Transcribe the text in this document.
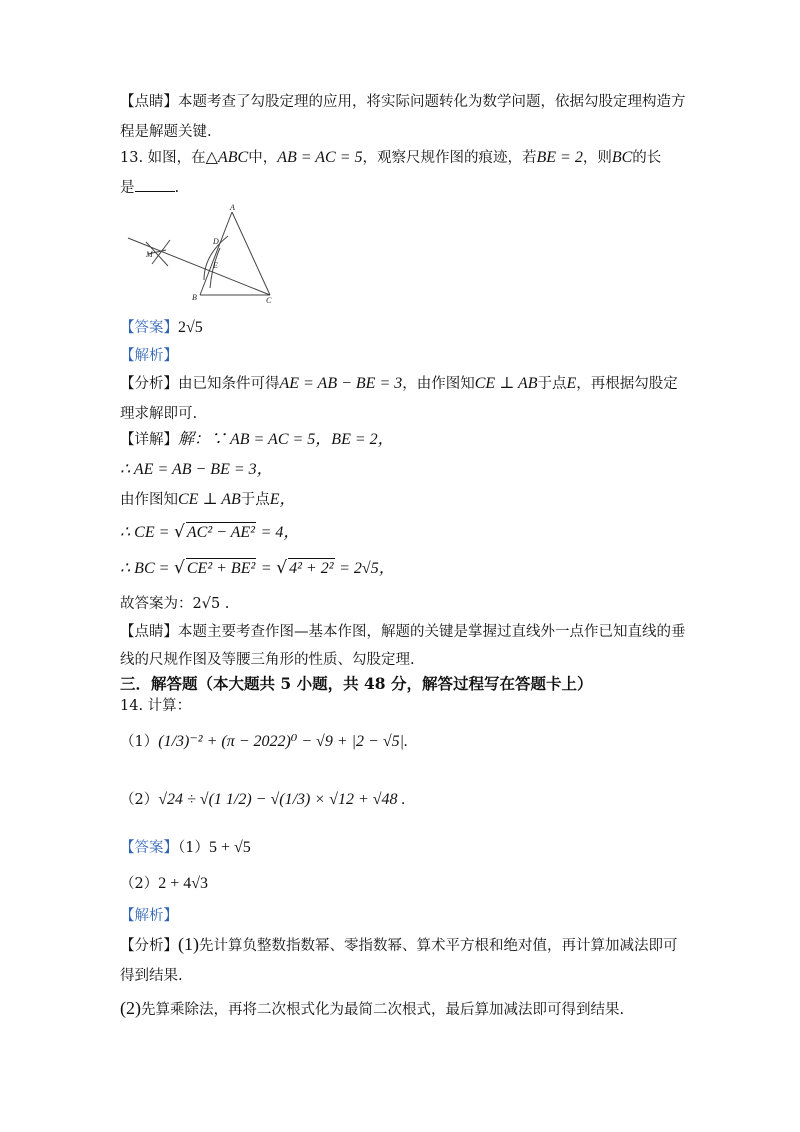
【点睛】本题考查了勾股定理的应用，将实际问题转化为数学问题，依据勾股定理构造方
程是解题关键.
13. 如图，在△ABC中，AB = AC = 5，观察尺规作图的痕迹，若BE = 2，则BC的长
是	.
A
D
E
M
B	C
【答案】2√5
【解析】
【分析】由已知条件可得AE = AB − BE = 3，由作图知CE ⊥ AB于点E，再根据勾股定
理求解即可.
【详解】解：∵ AB = AC = 5，BE = 2，
∴ AE = AB − BE = 3，
由作图知CE ⊥ AB于点E，
∴ CE = √ AC² − AE² = 4，
∴ BC = √ CE² + BE² = √ 4² + 2² = 2√5，
故答案为：2√5 .
【点睛】本题主要考查作图—基本作图，解题的关键是掌握过直线外一点作已知直线的垂
线的尺规作图及等腰三角形的性质、勾股定理.
三．解答题（本大题共 5 小题，共 48 分，解答过程写在答题卡上）
14. 计算：
（1）(1/3)⁻² + (π − 2022)⁰ − √9 + |2 − √5|.
（2）√24 ÷ √(1 1/2) − √(1/3) × √12 + √48 .
【答案】（1）5 + √5
（2）2 + 4√3
【解析】
【分析】(1)先计算负整数指数幂、零指数幂、算术平方根和绝对值，再计算加减法即可
得到结果.
(2)先算乘除法，再将二次根式化为最简二次根式，最后算加减法即可得到结果.
